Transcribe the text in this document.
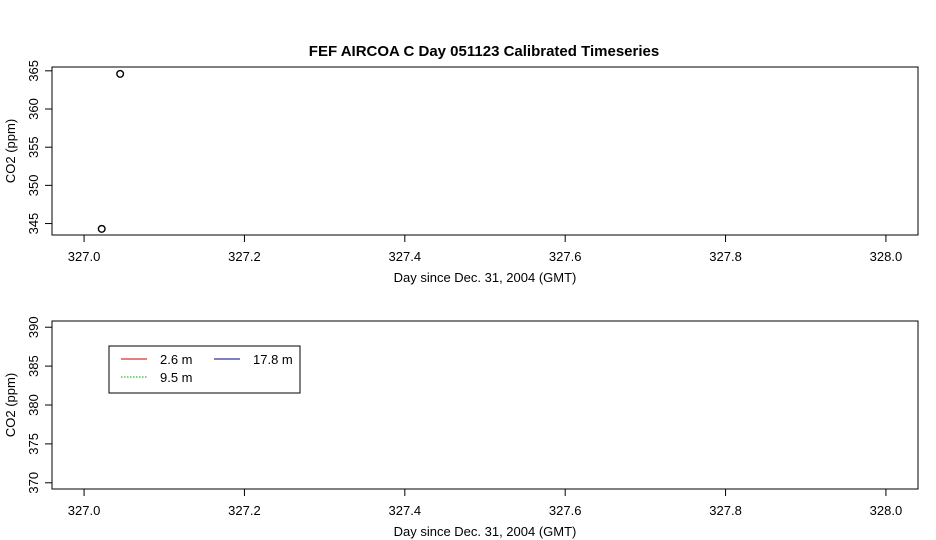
FEF AIRCOA C Day 051123 Calibrated Timeseries
327.0	327.2	327.4	327.6	327.8	328.0
345
350
355
360
365
Day since Dec. 31, 2004 (GMT)
CO2 (ppm)
327.0	327.2	327.4	327.6	327.8	328.0
370
375
380
385
390
Day since Dec. 31, 2004 (GMT)
CO2 (ppm)
2.6 m
9.5 m
17.8 m
